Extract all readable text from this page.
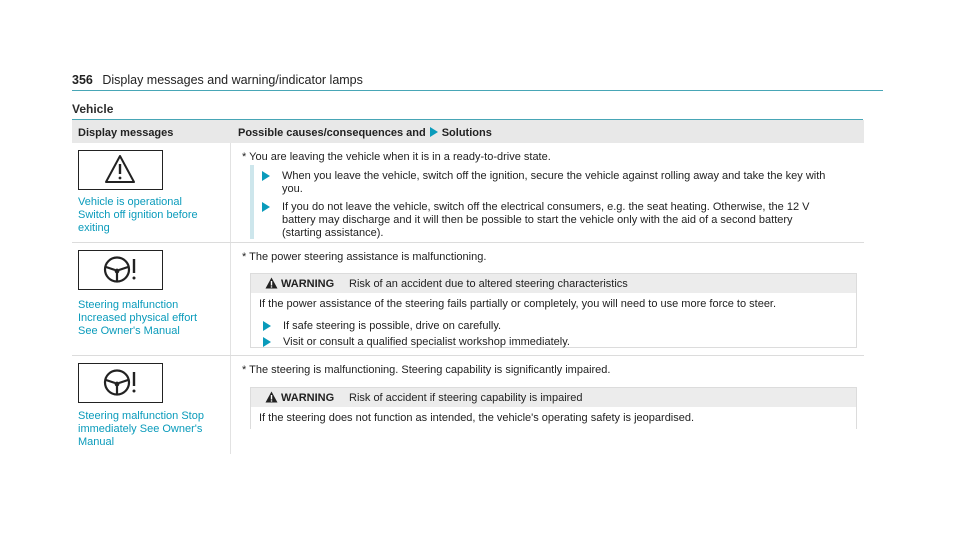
356 Display messages and warning/indicator lamps
Vehicle
Display messages	Possible causes/consequences and Solutions
Vehicle is operational
Switch off ignition before
exiting
* You are leaving the vehicle when it is in a ready-to-drive state.
When you leave the vehicle, switch off the ignition, secure the vehicle against rolling away and take the key with
you.
If you do not leave the vehicle, switch off the electrical consumers, e.g. the seat heating. Otherwise, the 12 V
battery may discharge and it will then be possible to start the vehicle only with the aid of a second battery
(starting assistance).
Steering malfunction
Increased physical effort
See Owner's Manual
* The power steering assistance is malfunctioning.
WARNING Risk of an accident due to altered steering characteristics
If the power assistance of the steering fails partially or completely, you will need to use more force to steer.
If safe steering is possible, drive on carefully.
Visit or consult a qualified specialist workshop immediately.
Steering malfunction Stop
immediately See Owner's
Manual
* The steering is malfunctioning. Steering capability is significantly impaired.
WARNING Risk of accident if steering capability is impaired
If the steering does not function as intended, the vehicle's operating safety is jeopardised.
